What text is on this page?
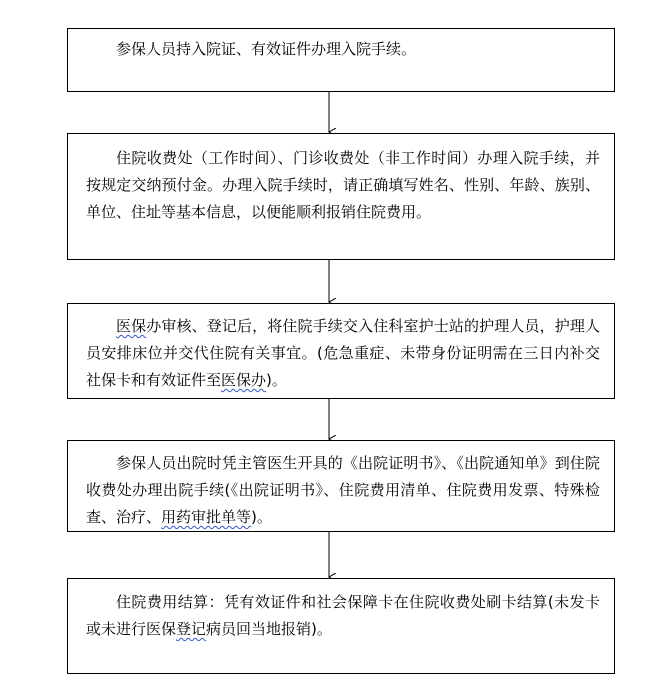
参保人员持入院证、有效证件办理入院手续。

住院收费处（工作时间）、门诊收费处（非工作时间）办理入院手续，并按规定交纳预付金。办理入院手续时，请正确填写姓名、性别、年龄、族别、单位、住址等基本信息，以便能顺利报销住院费用。

医保办审核、登记后，将住院手续交入住科室护士站的护理人员，护理人员安排床位并交代住院有关事宜。(危急重症、未带身份证明需在三日内补交社保卡和有效证件至医保办)。

参保人员出院时凭主管医生开具的《出院证明书》、《出院通知单》到住院收费处办理出院手续(《出院证明书》、住院费用清单、住院费用发票、特殊检查、治疗、用药审批单等)。

住院费用结算：凭有效证件和社会保障卡在住院收费处刷卡结算(未发卡或未进行医保登记病员回当地报销)。
